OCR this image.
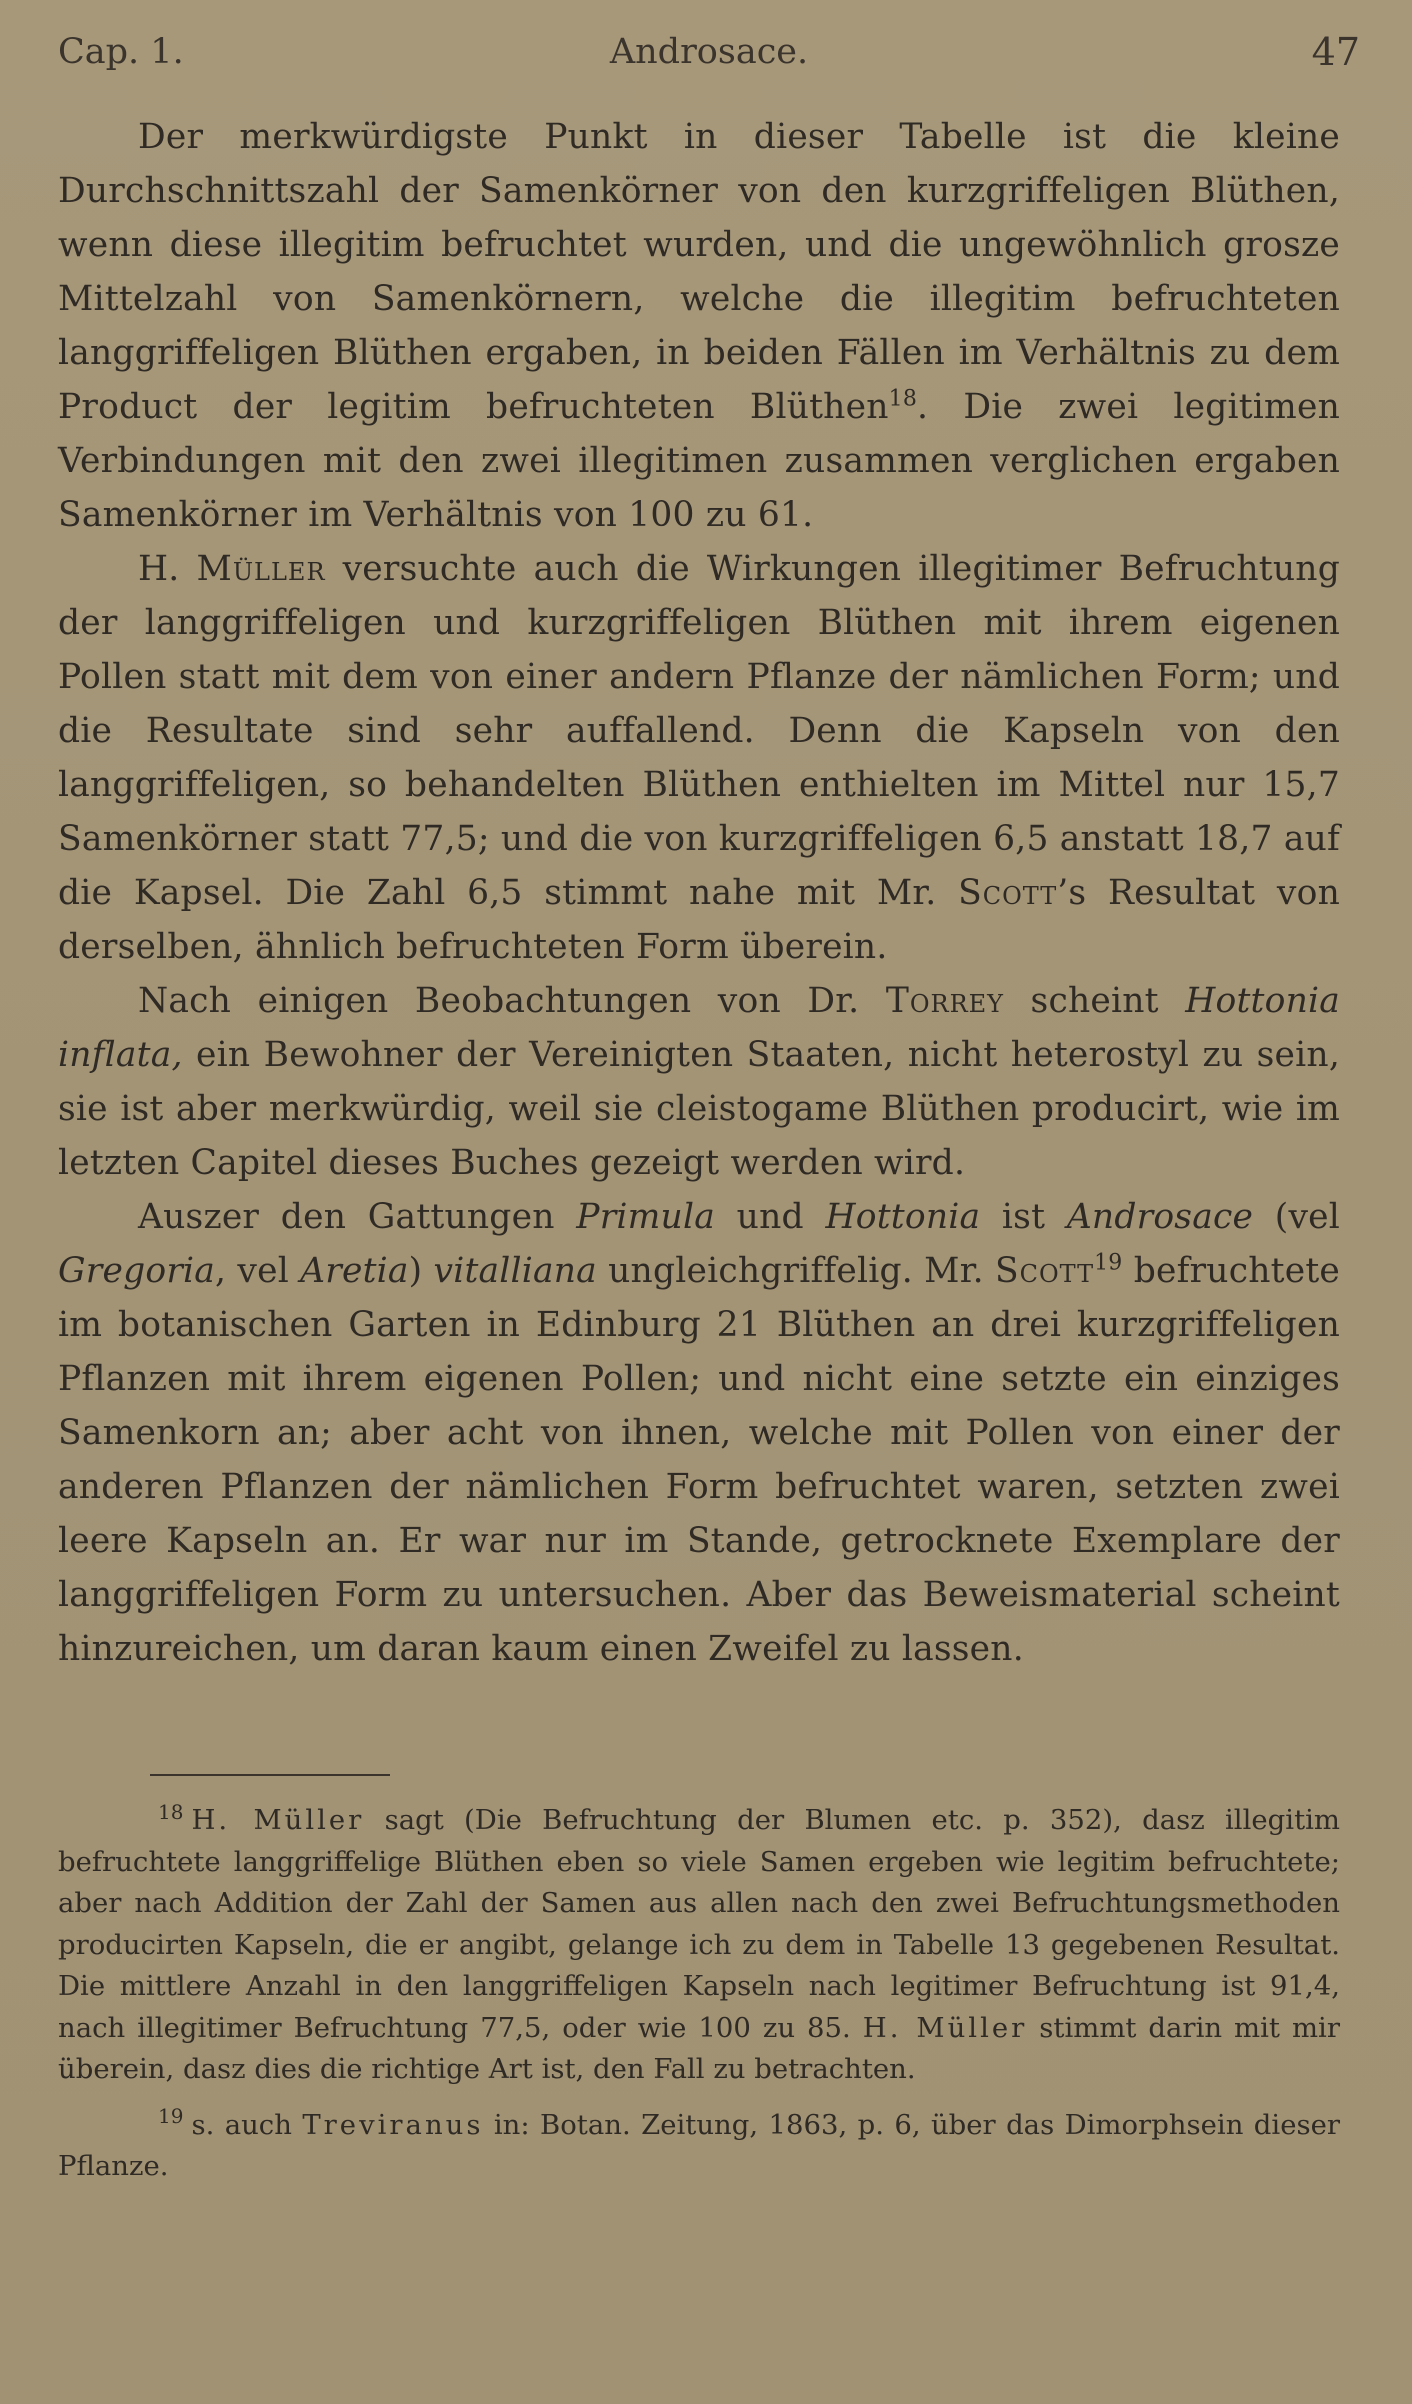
Cap. 1.	Androsace.	47

Der merkwürdigste Punkt in dieser Tabelle ist die kleine Durchschnittszahl der Samenkörner von den kurzgriffeligen Blüthen, wenn diese illegitim befruchtet wurden, und die ungewöhnlich grosze Mittelzahl von Samenkörnern, welche die illegitim befruchteten langgriffeligen Blüthen ergaben, in beiden Fällen im Verhältnis zu dem Product der legitim befruchteten Blüthen$^{18}$. Die zwei legitimen Verbindungen mit den zwei illegitimen zusammen verglichen ergaben Samenkörner im Verhältnis von 100 zu 61.

H. Müller versuchte auch die Wirkungen illegitimer Befruchtung der langgriffeligen und kurzgriffeligen Blüthen mit ihrem eigenen Pollen statt mit dem von einer andern Pflanze der nämlichen Form; und die Resultate sind sehr auffallend. Denn die Kapseln von den langgriffeligen, so behandelten Blüthen enthielten im Mittel nur 15,7 Samenkörner statt 77,5; und die von kurzgriffeligen 6,5 anstatt 18,7 auf die Kapsel. Die Zahl 6,5 stimmt nahe mit Mr. Scott’s Resultat von derselben, ähnlich befruchteten Form überein.

Nach einigen Beobachtungen von Dr. Torrey scheint Hottonia inflata, ein Bewohner der Vereinigten Staaten, nicht heterostyl zu sein, sie ist aber merkwürdig, weil sie cleistogame Blüthen producirt, wie im letzten Capitel dieses Buches gezeigt werden wird.

Auszer den Gattungen Primula und Hottonia ist Androsace (vel Gregoria, vel Aretia) vitalliana ungleichgriffelig. Mr. Scott$^{19}$ befruchtete im botanischen Garten in Edinburg 21 Blüthen an drei kurzgriffeligen Pflanzen mit ihrem eigenen Pollen; und nicht eine setzte ein einziges Samenkorn an; aber acht von ihnen, welche mit Pollen von einer der anderen Pflanzen der nämlichen Form befruchtet waren, setzten zwei leere Kapseln an. Er war nur im Stande, getrocknete Exemplare der langgriffeligen Form zu untersuchen. Aber das Beweismaterial scheint hinzureichen, um daran kaum einen Zweifel zu lassen.

$^{18}$ H. Müller sagt (Die Befruchtung der Blumen etc. p. 352), dasz illegitim befruchtete langgriffelige Blüthen eben so viele Samen ergeben wie legitim befruchtete; aber nach Addition der Zahl der Samen aus allen nach den zwei Befruchtungsmethoden producirten Kapseln, die er angibt, gelange ich zu dem in Tabelle 13 gegebenen Resultat. Die mittlere Anzahl in den langgriffeligen Kapseln nach legitimer Befruchtung ist 91,4, nach illegitimer Befruchtung 77,5, oder wie 100 zu 85. H. Müller stimmt darin mit mir überein, dasz dies die richtige Art ist, den Fall zu betrachten.

$^{19}$ s. auch Treviranus in: Botan. Zeitung, 1863, p. 6, über das Dimorphsein dieser Pflanze.
